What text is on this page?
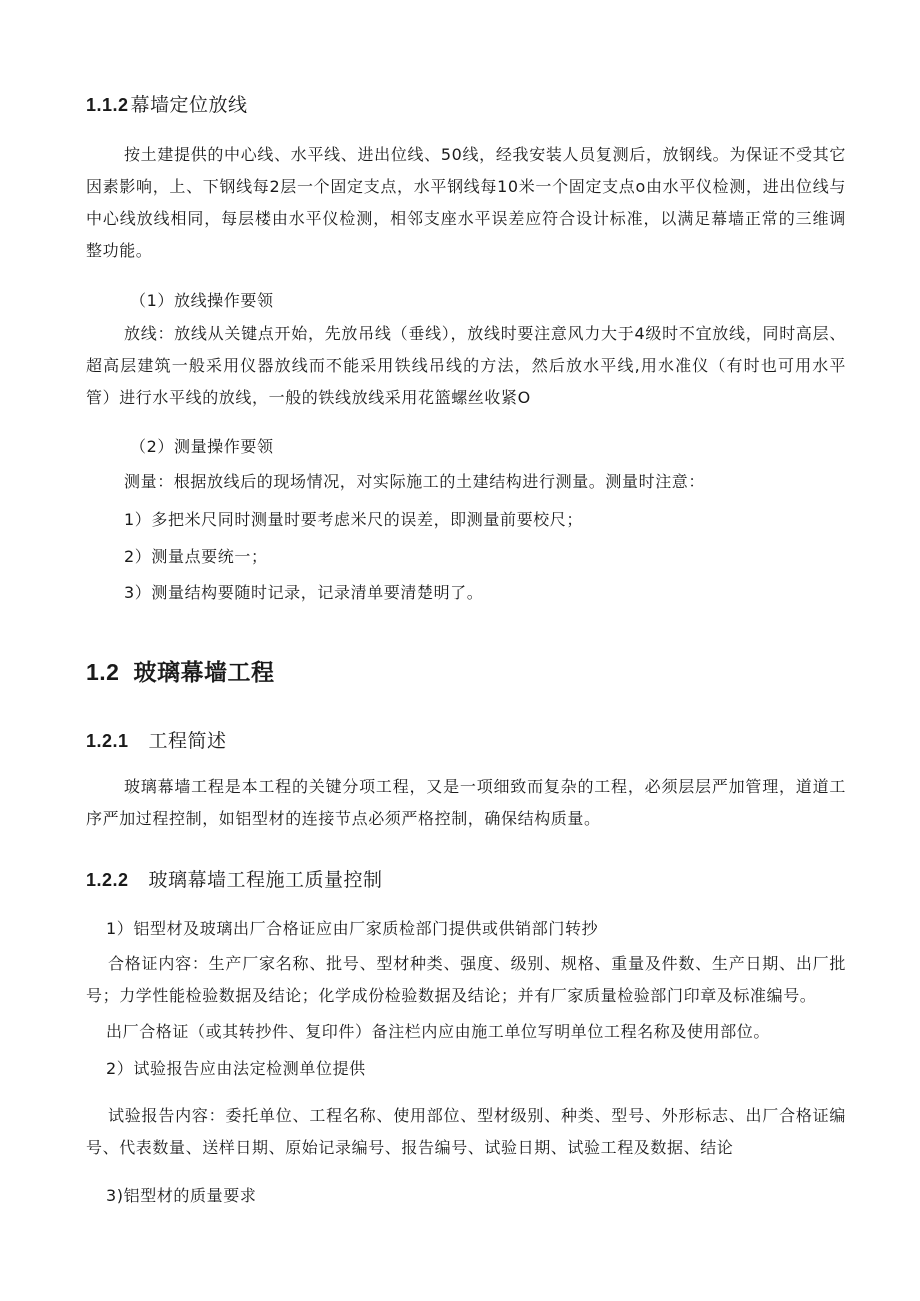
1.1.2 幕墙定位放线

按土建提供的中心线、水平线、进出位线、50线，经我安装人员复测后，放钢线。为保证不受其它因素影响，上、下钢线每2层一个固定支点，水平钢线每10米一个固定支点o由水平仪检测，进出位线与中心线放线相同，每层楼由水平仪检测，相邻支座水平误差应符合设计标准，以满足幕墙正常的三维调整功能。

（1）放线操作要领

放线：放线从关键点开始，先放吊线（垂线），放线时要注意风力大于4级时不宜放线，同时高层、超高层建筑一般采用仪器放线而不能采用铁线吊线的方法，然后放水平线,用水准仪（有时也可用水平管）进行水平线的放线，一般的铁线放线采用花篮螺丝收紧O

（2）测量操作要领

测量：根据放线后的现场情况，对实际施工的土建结构进行测量。测量时注意：

1）多把米尺同时测量时要考虑米尺的误差，即测量前要校尺；

2）测量点要统一；

3）测量结构要随时记录，记录清单要清楚明了。

1.2 玻璃幕墙工程
1.2.1 工程简述

玻璃幕墙工程是本工程的关键分项工程，又是一项细致而复杂的工程，必须层层严加管理，道道工序严加过程控制，如铝型材的连接节点必须严格控制，确保结构质量。

1.2.2 玻璃幕墙工程施工质量控制

1）铝型材及玻璃出厂合格证应由厂家质检部门提供或供销部门转抄

合格证内容：生产厂家名称、批号、型材种类、强度、级别、规格、重量及件数、生产日期、出厂批号；力学性能检验数据及结论；化学成份检验数据及结论；并有厂家质量检验部门印章及标准编号。

出厂合格证（或其转抄件、复印件）备注栏内应由施工单位写明单位工程名称及使用部位。

2）试验报告应由法定检测单位提供

试验报告内容：委托单位、工程名称、使用部位、型材级别、种类、型号、外形标志、出厂合格证编号、代表数量、送样日期、原始记录编号、报告编号、试验日期、试验工程及数据、结论

3)铝型材的质量要求
